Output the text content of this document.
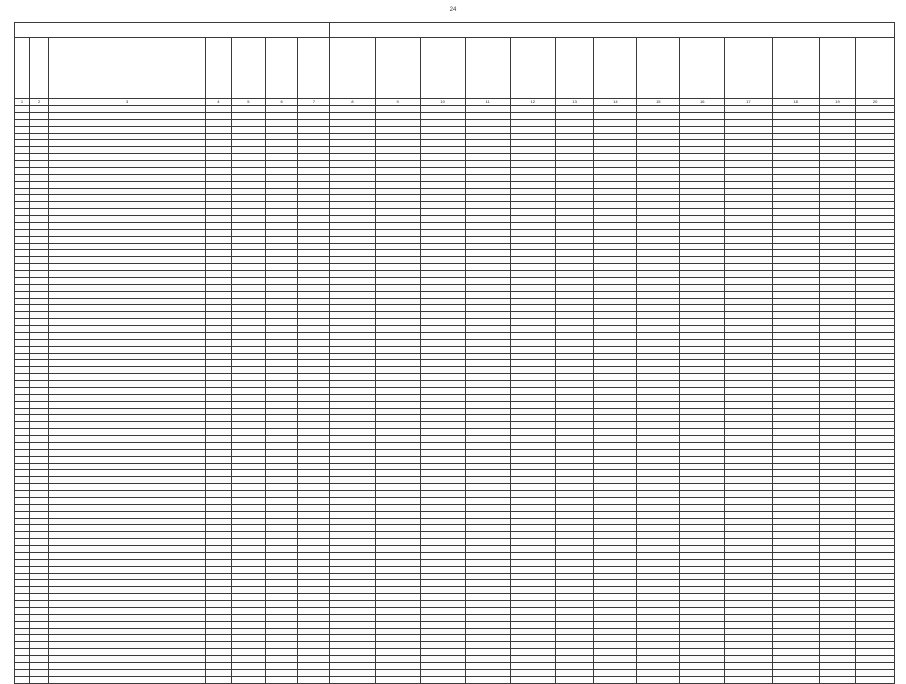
24

1	2	3	4	5	6	7	8	9	10	11	12	13	14	15	16	17	18	19	20
